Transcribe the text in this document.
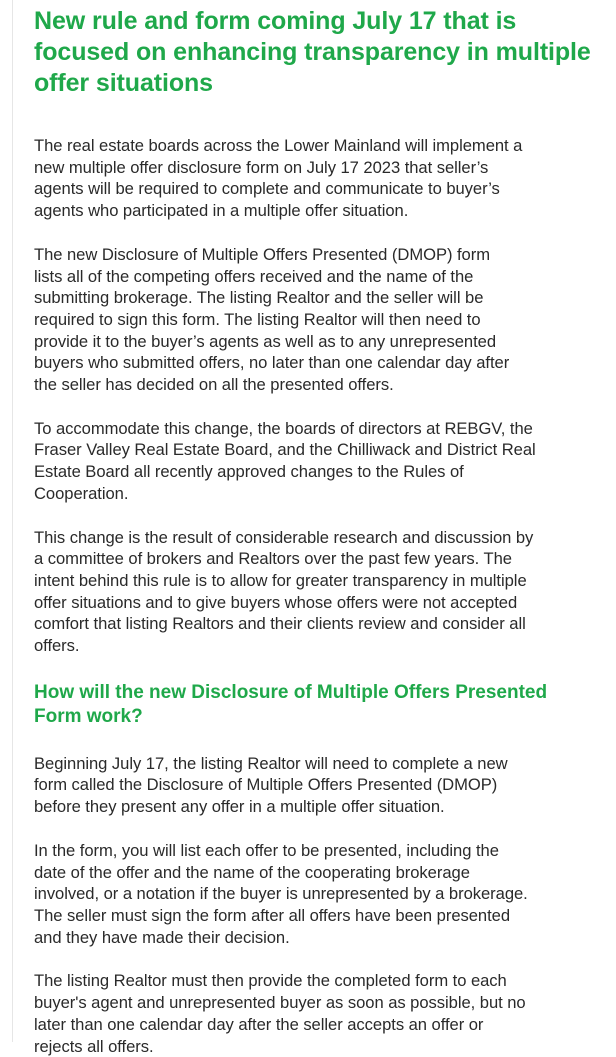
New rule and form coming July 17 that is
focused on enhancing transparency in multiple
offer situations

The real estate boards across the Lower Mainland will implement a
new multiple offer disclosure form on July 17 2023 that seller’s
agents will be required to complete and communicate to buyer’s
agents who participated in a multiple offer situation.

The new Disclosure of Multiple Offers Presented (DMOP) form
lists all of the competing offers received and the name of the
submitting brokerage. The listing Realtor and the seller will be
required to sign this form. The listing Realtor will then need to
provide it to the buyer’s agents as well as to any unrepresented
buyers who submitted offers, no later than one calendar day after
the seller has decided on all the presented offers.

To accommodate this change, the boards of directors at REBGV, the
Fraser Valley Real Estate Board, and the Chilliwack and District Real
Estate Board all recently approved changes to the Rules of
Cooperation.

This change is the result of considerable research and discussion by
a committee of brokers and Realtors over the past few years. The
intent behind this rule is to allow for greater transparency in multiple
offer situations and to give buyers whose offers were not accepted
comfort that listing Realtors and their clients review and consider all
offers.

How will the new Disclosure of Multiple Offers Presented
Form work?

Beginning July 17, the listing Realtor will need to complete a new
form called the Disclosure of Multiple Offers Presented (DMOP)
before they present any offer in a multiple offer situation.

In the form, you will list each offer to be presented, including the
date of the offer and the name of the cooperating brokerage
involved, or a notation if the buyer is unrepresented by a brokerage.
The seller must sign the form after all offers have been presented
and they have made their decision.

The listing Realtor must then provide the completed form to each
buyer's agent and unrepresented buyer as soon as possible, but no
later than one calendar day after the seller accepts an offer or
rejects all offers.
